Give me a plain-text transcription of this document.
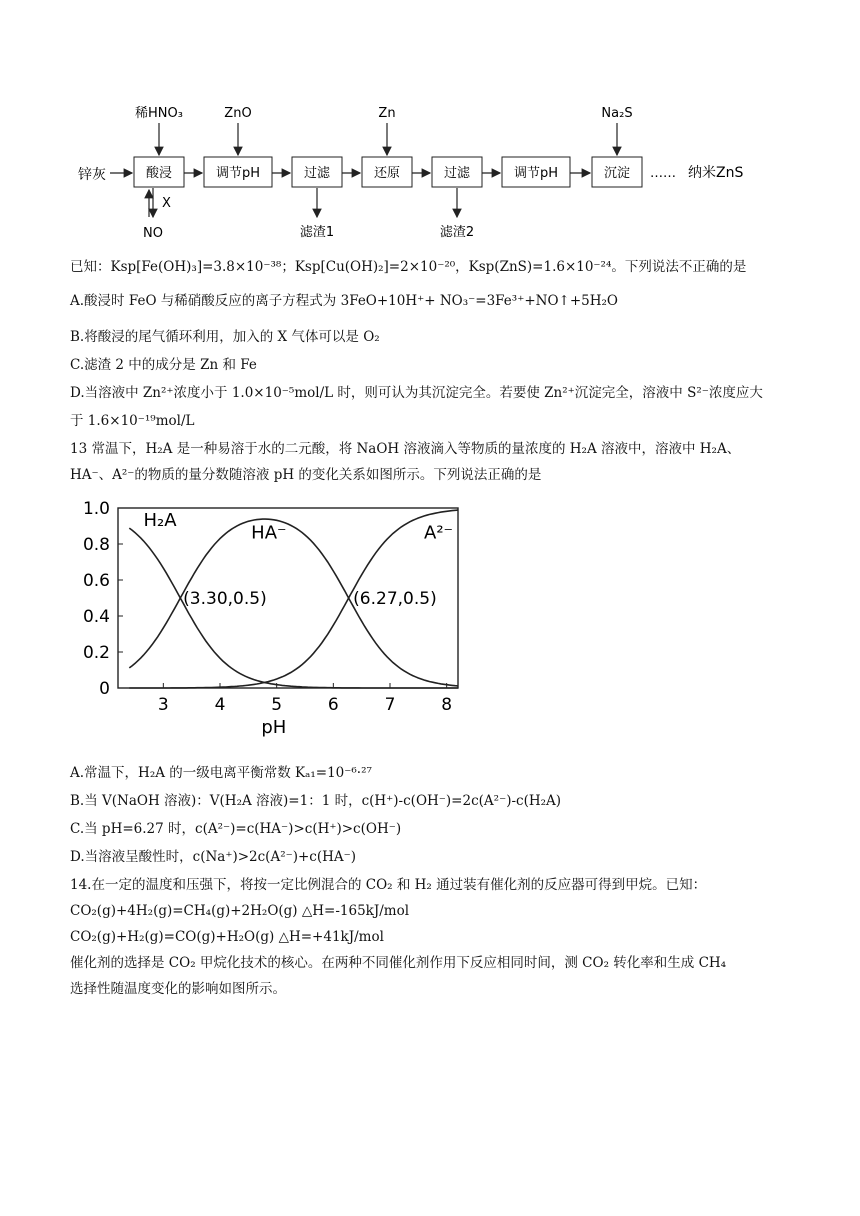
锌灰	酸浸	调节pH	过滤	还原	过滤	调节pH	沉淀 …… 纳米ZnS
稀HNO₃	ZnO	Zn	Na₂S
X
NO	滤渣1	滤渣2
已知：Ksp[Fe(OH)₃]=3.8×10⁻³⁸；Ksp[Cu(OH)₂]=2×10⁻²⁰，Ksp(ZnS)=1.6×10⁻²⁴。下列说法不正确的是
A.酸浸时 FeO 与稀硝酸反应的离子方程式为 3FeO+10H⁺+ NO₃⁻=3Fe³⁺+NO↑+5H₂O
B.将酸浸的尾气循环利用，加入的 X 气体可以是 O₂
C.滤渣 2 中的成分是 Zn 和 Fe
D.当溶液中 Zn²⁺浓度小于 1.0×10⁻⁵mol/L 时，则可认为其沉淀完全。若要使 Zn²⁺沉淀完全，溶液中 S²⁻浓度应大
于 1.6×10⁻¹⁹mol/L
13 常温下，H₂A 是一种易溶于水的二元酸，将 NaOH 溶液滴入等物质的量浓度的 H₂A 溶液中，溶液中 H₂A、
HA⁻、A²⁻的物质的量分数随溶液 pH 的变化关系如图所示。下列说法正确的是
0
0.2
0.4
0.6
0.8
1.0
3	4	5	6	7	8
pH
H₂A
HA⁻	A²⁻
(3.30,0.5)	(6.27,0.5)
A.常温下，H₂A 的一级电离平衡常数 Kₐ₁=10⁻⁶·²⁷
B.当 V(NaOH 溶液)：V(H₂A 溶液)=1：1 时，c(H⁺)-c(OH⁻)=2c(A²⁻)-c(H₂A)
C.当 pH=6.27 时，c(A²⁻)=c(HA⁻)>c(H⁺)>c(OH⁻)
D.当溶液呈酸性时，c(Na⁺)>2c(A²⁻)+c(HA⁻)
14.在一定的温度和压强下，将按一定比例混合的 CO₂ 和 H₂ 通过装有催化剂的反应器可得到甲烷。已知：
CO₂(g)+4H₂(g)=CH₄(g)+2H₂O(g) △H=-165kJ/mol
CO₂(g)+H₂(g)=CO(g)+H₂O(g) △H=+41kJ/mol
催化剂的选择是 CO₂ 甲烷化技术的核心。在两种不同催化剂作用下反应相同时间，测 CO₂ 转化率和生成 CH₄
选择性随温度变化的影响如图所示。
